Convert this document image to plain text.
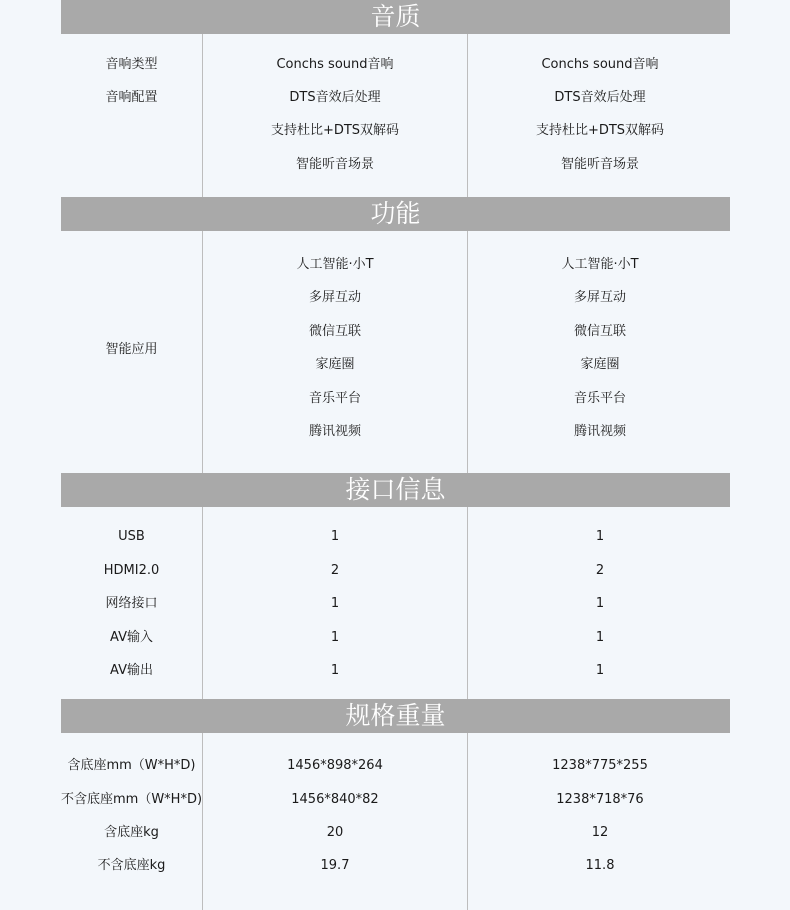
音质
音响类型
音响配置
Conchs sound音响
DTS音效后处理
支持杜比+DTS双解码
智能听音场景
Conchs sound音响
DTS音效后处理
支持杜比+DTS双解码
智能听音场景
功能
智能应用
人工智能·小T
多屏互动
微信互联
家庭圈
音乐平台
腾讯视频
人工智能·小T
多屏互动
微信互联
家庭圈
音乐平台
腾讯视频
接口信息
USB
HDMI2.0
网络接口
AV输入
AV输出
1
2
1
1
1
1
2
1
1
1
规格重量
含底座mm（W*H*D)
不含底座mm（W*H*D)
含底座kg
不含底座kg
1456*898*264
1456*840*82
20
19.7
1238*775*255
1238*718*76
12
11.8
